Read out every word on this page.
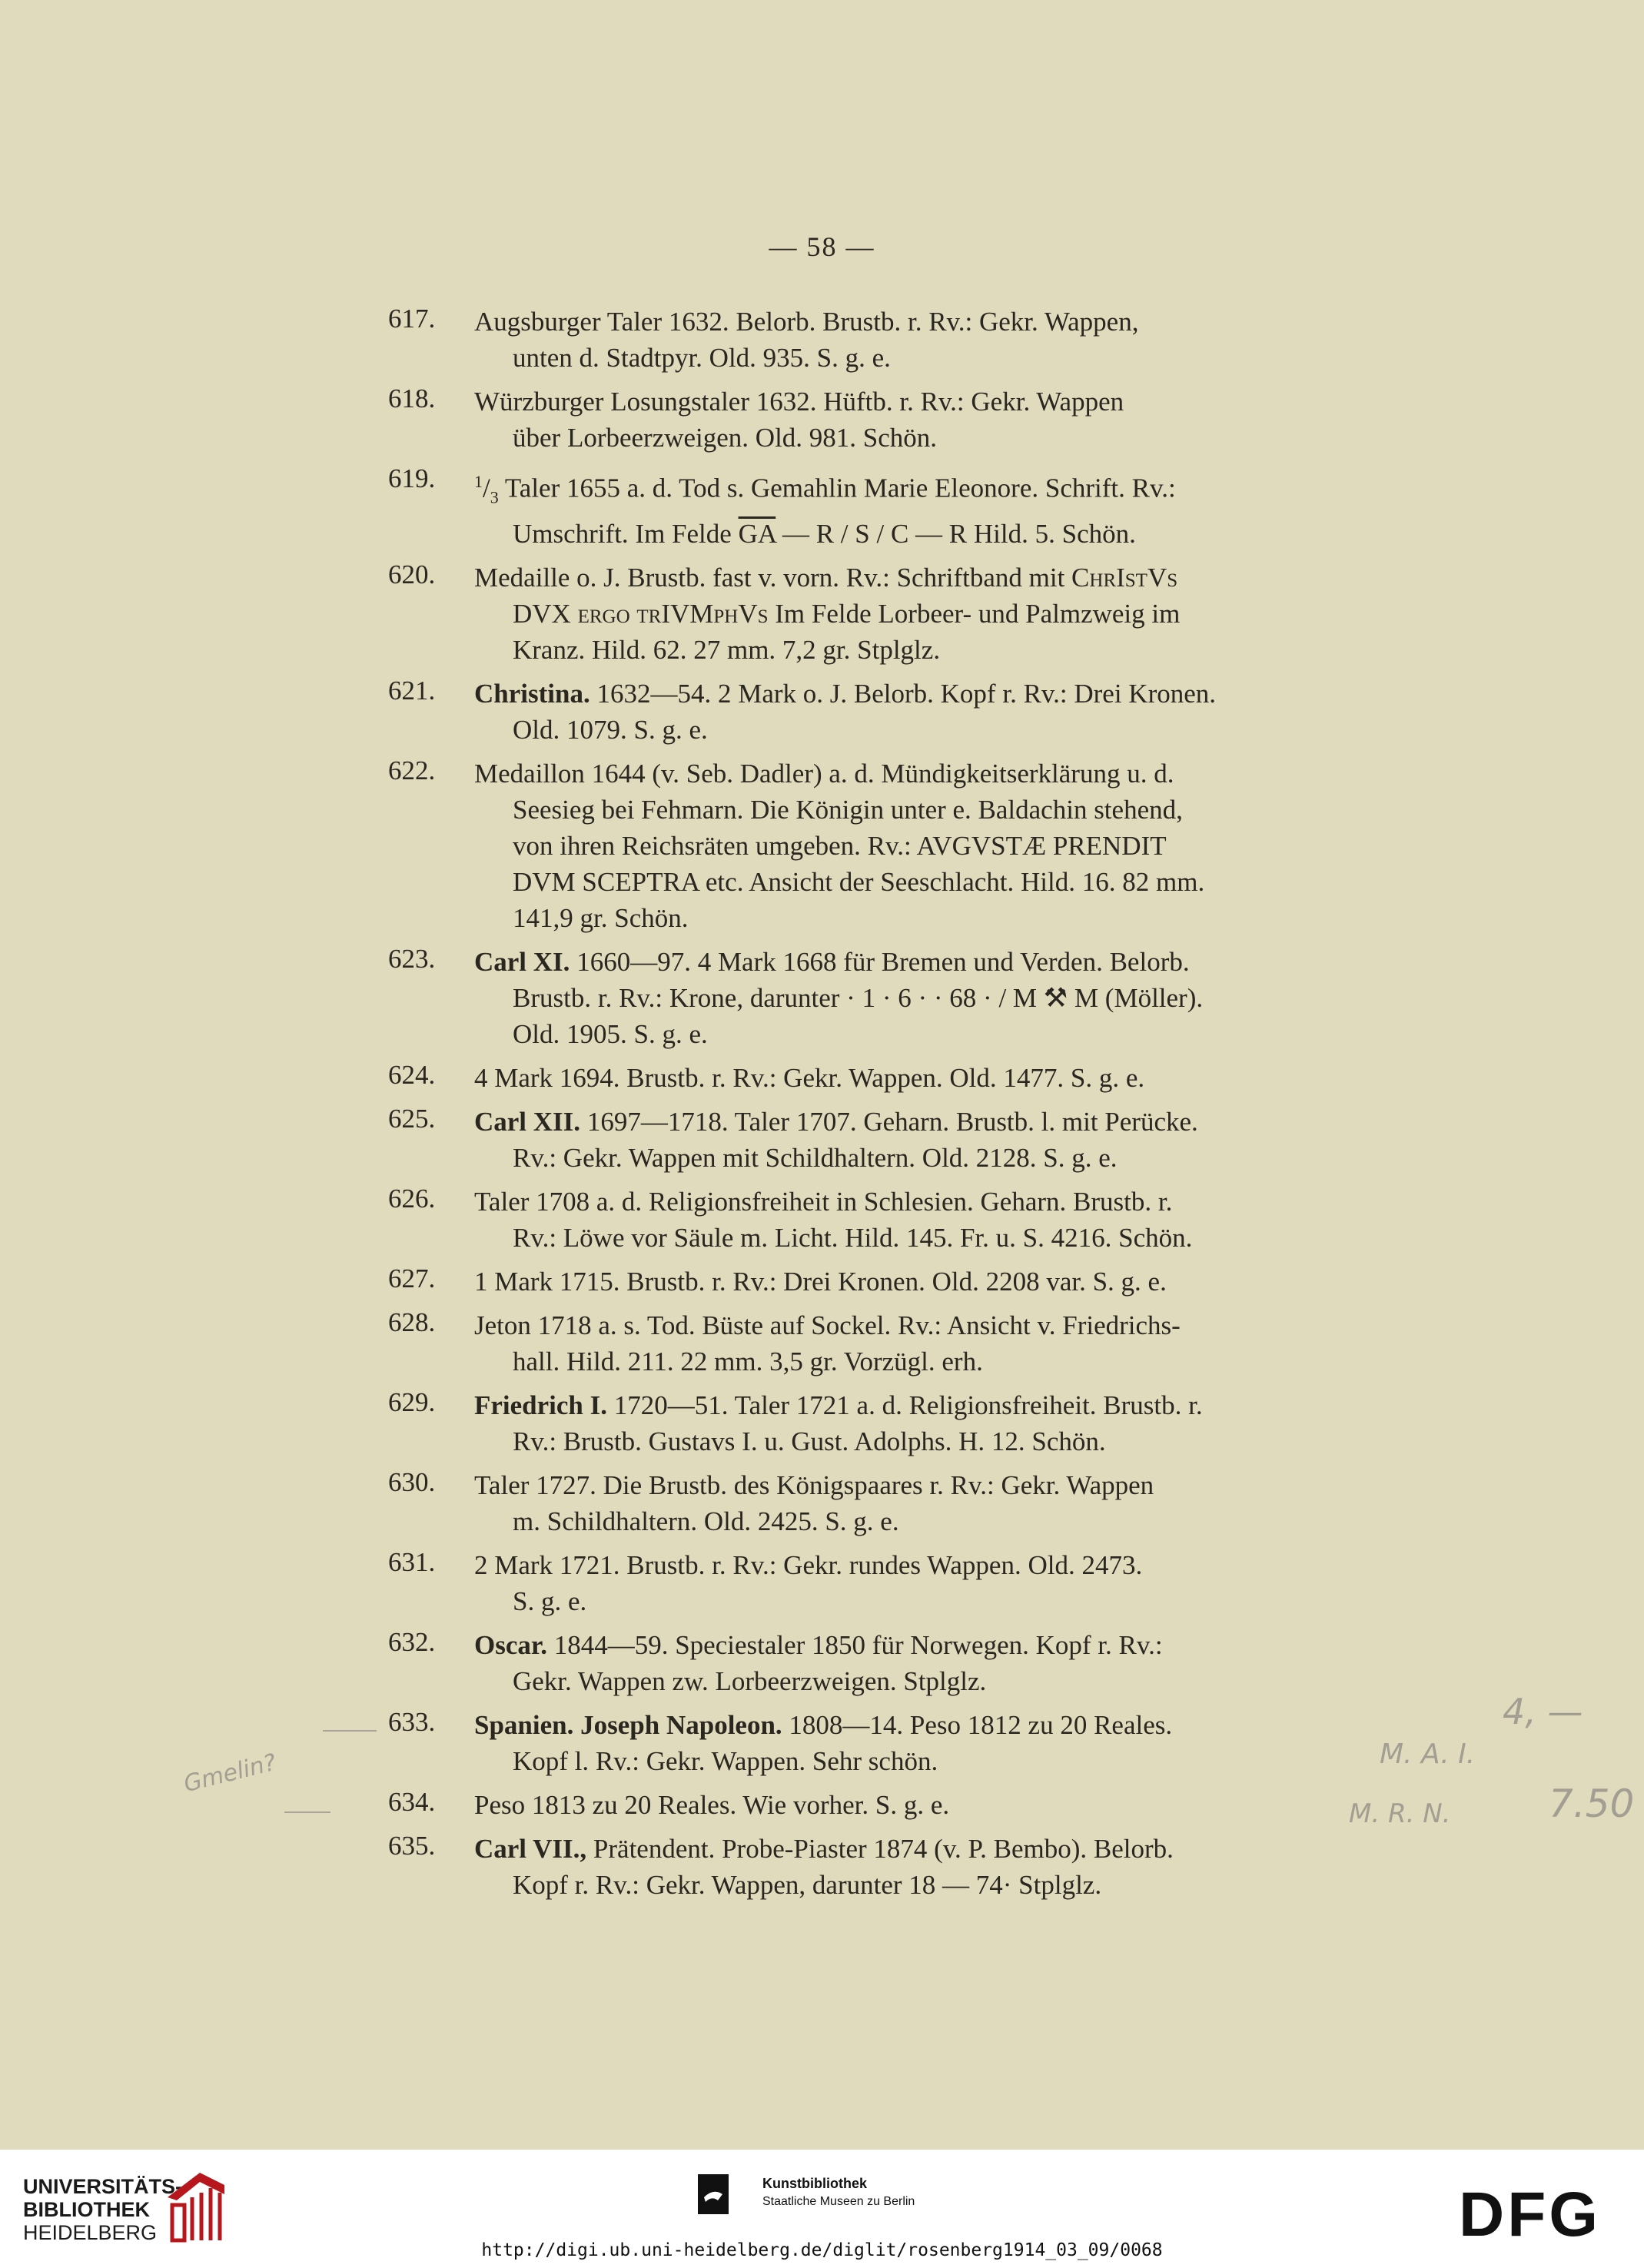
— 58 —
617. Augsburger Taler 1632. Belorb. Brustb. r. Rv.: Gekr. Wappen,
unten d. Stadtpyr. Old. 935. S. g. e.
618. Würzburger Losungstaler 1632. Hüftb. r. Rv.: Gekr. Wappen
über Lorbeerzweigen. Old. 981. Schön.
619. $^1/_3$ Taler 1655 a. d. Tod s. Gemahlin Marie Eleonore. Schrift. Rv.:
Umschrift. Im Felde $\overline{GA}$ — R / S / C — R Hild. 5. Schön.
620. Medaille o. J. Brustb. fast v. vorn. Rv.: Schriftband mit ChrIstVs
DVX ergo trIVMphVs Im Felde Lorbeer- und Palmzweig im
Kranz. Hild. 62. 27 mm. 7,2 gr. Stplglz.
621. Christina. 1632—54. 2 Mark o. J. Belorb. Kopf r. Rv.: Drei Kronen.
Old. 1079. S. g. e.
622. Medaillon 1644 (v. Seb. Dadler) a. d. Mündigkeitserklärung u. d.
Seesieg bei Fehmarn. Die Königin unter e. Baldachin stehend,
von ihren Reichsräten umgeben. Rv.: AVGVSTÆ PRENDIT
DVM SCEPTRA etc. Ansicht der Seeschlacht. Hild. 16. 82 mm.
141,9 gr. Schön.
623. Carl XI. 1660—97. 4 Mark 1668 für Bremen und Verden. Belorb.
Brustb. r. Rv.: Krone, darunter · 1 · 6 · · 68 · / M ⚒ M (Möller).
Old. 1905. S. g. e.
624. 4 Mark 1694. Brustb. r. Rv.: Gekr. Wappen. Old. 1477. S. g. e.
625. Carl XII. 1697—1718. Taler 1707. Geharn. Brustb. l. mit Perücke.
Rv.: Gekr. Wappen mit Schildhaltern. Old. 2128. S. g. e.
626. Taler 1708 a. d. Religionsfreiheit in Schlesien. Geharn. Brustb. r.
Rv.: Löwe vor Säule m. Licht. Hild. 145. Fr. u. S. 4216. Schön.
627. 1 Mark 1715. Brustb. r. Rv.: Drei Kronen. Old. 2208 var. S. g. e.
628. Jeton 1718 a. s. Tod. Büste auf Sockel. Rv.: Ansicht v. Friedrichs-
hall. Hild. 211. 22 mm. 3,5 gr. Vorzügl. erh.
629. Friedrich I. 1720—51. Taler 1721 a. d. Religionsfreiheit. Brustb. r.
Rv.: Brustb. Gustavs I. u. Gust. Adolphs. H. 12. Schön.
630. Taler 1727. Die Brustb. des Königspaares r. Rv.: Gekr. Wappen
m. Schildhaltern. Old. 2425. S. g. e.
631. 2 Mark 1721. Brustb. r. Rv.: Gekr. rundes Wappen. Old. 2473.
S. g. e.
632. Oscar. 1844—59. Speciestaler 1850 für Norwegen. Kopf r. Rv.:
Gekr. Wappen zw. Lorbeerzweigen. Stplglz.
633. Spanien. Joseph Napoleon. 1808—14. Peso 1812 zu 20 Reales.
Kopf l. Rv.: Gekr. Wappen. Sehr schön.
634. Peso 1813 zu 20 Reales. Wie vorher. S. g. e.
635. Carl VII., Prätendent. Probe-Piaster 1874 (v. P. Bembo). Belorb.
Kopf r. Rv.: Gekr. Wappen, darunter 18 — 74· Stplglz.
Gmelin?
4, —
M. A. I.
M. R. N.	7.50
UNIVERSITÄTS-
BIBLIOTHEK
HEIDELBERG
Kunstbibliothek
Staatliche Museen zu Berlin	DFG
http://digi.ub.uni-heidelberg.de/diglit/rosenberg1914_03_09/0068
